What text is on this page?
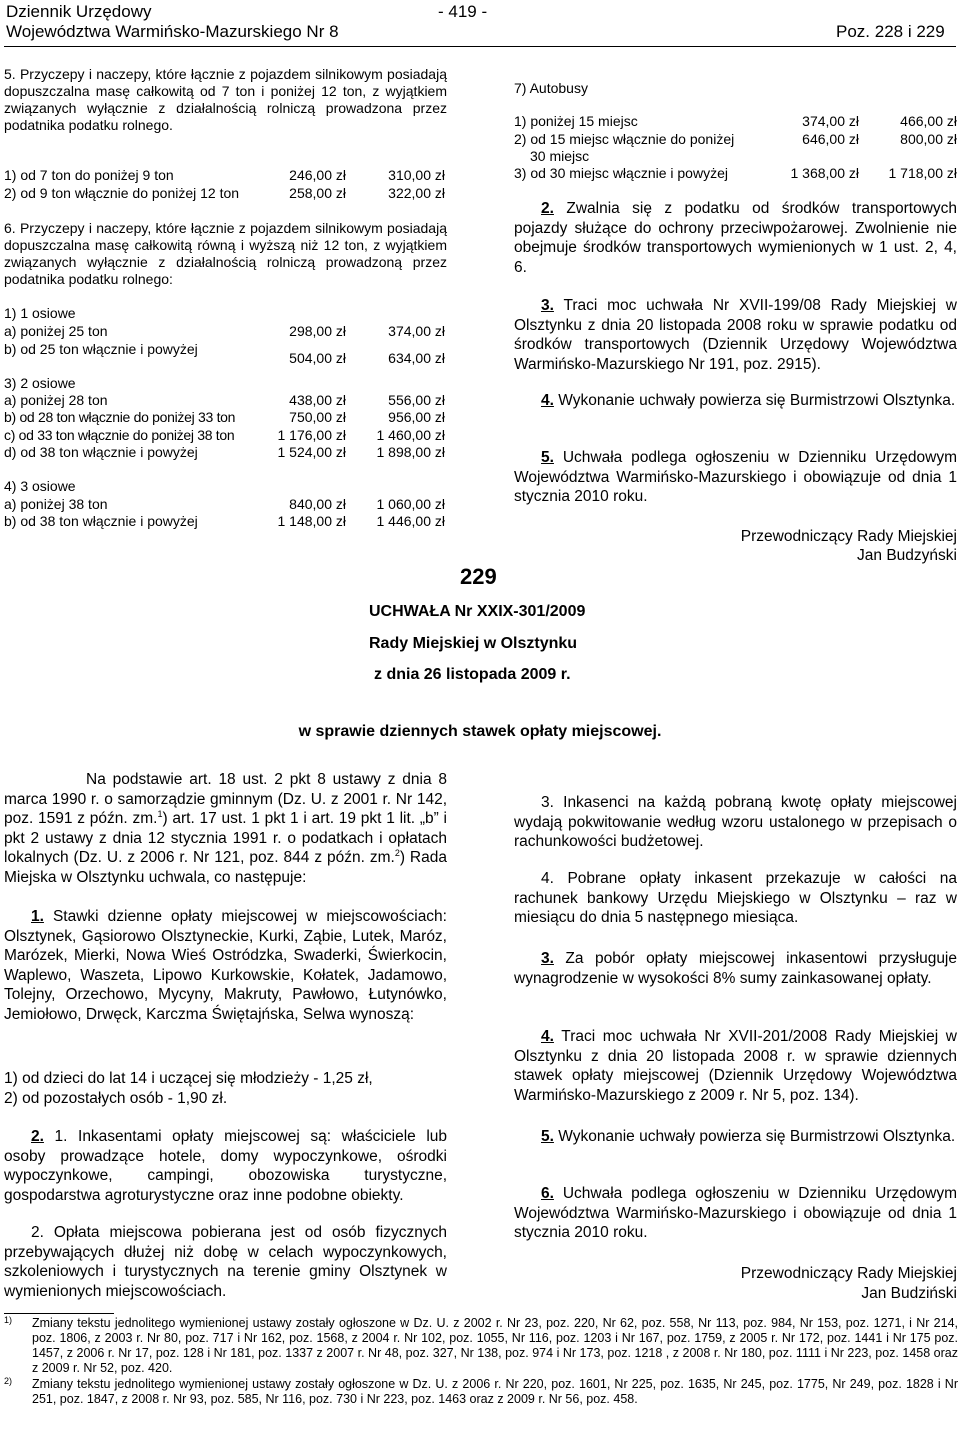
Dziennik Urzędowy
Województwa Warmińsko-Mazurskiego Nr 8
- 419 -
Poz. 228 i 229
5. Przyczepy i naczepy, które łącznie z pojazdem silnikowym posiadają dopuszczalna masę całkowitą od 7 ton i poniżej 12 ton, z wyjątkiem związanych wyłącznie z działalnością rolniczą prowadzona przez podatnika podatku rolnego.
1) od 7 ton do poniżej 9 ton	246,00 zł	310,00 zł
2) od 9 ton włącznie do poniżej 12 ton	258,00 zł	322,00 zł
6. Przyczepy i naczepy, które łącznie z pojazdem silnikowym posiadają dopuszczalna masę całkowitą równą i wyższą niż 12 ton, z wyjątkiem związanych wyłącznie z działalnością rolniczą prowadzoną przez podatnika podatku rolnego:
1) 1 osiowe
a) poniżej 25 ton	298,00 zł	374,00 zł
b) od 25 ton włącznie i powyżej
504,00 zł	634,00 zł
3) 2 osiowe
a) poniżej 28 ton	438,00 zł	556,00 zł
b) od 28 ton włącznie do poniżej 33 ton	750,00 zł	956,00 zł
c) od 33 ton włącznie do poniżej 38 ton	1 176,00 zł 1 460,00 zł
d) od 38 ton włącznie i powyżej	1 524,00 zł 1 898,00 zł
4) 3 osiowe
a) poniżej 38 ton	840,00 zł 1 060,00 zł
b) od 38 ton włącznie i powyżej	1 148,00 zł 1 446,00 zł
7) Autobusy
1) poniżej 15 miejsc	374,00 zł	466,00 zł
2) od 15 miejsc włącznie do poniżej
30 miejsc
646,00 zł	800,00 zł
3) od 30 miejsc włącznie i powyżej	1 368,00 zł 1 718,00 zł
2. Zwalnia się z podatku od środków transportowych pojazdy służące do ochrony przeciwpożarowej. Zwolnienie nie obejmuje środków transportowych wymienionych w 1 ust. 2, 4, 6.
3. Traci moc uchwała Nr XVII-199/08 Rady Miejskiej w Olsztynku z dnia 20 listopada 2008 roku w sprawie podatku od środków transportowych (Dziennik Urzędowy Województwa Warmińsko-Mazurskiego Nr 191, poz. 2915).
4. Wykonanie uchwały powierza się Burmistrzowi Olsztynka.
5. Uchwała podlega ogłoszeniu w Dzienniku Urzędowym Województwa Warmińsko-Mazurskiego i obowiązuje od dnia 1 stycznia 2010 roku.
Przewodniczący Rady Miejskiej
Jan Budzyński
229
UCHWAŁA Nr XXIX-301/2009
Rady Miejskiej w Olsztynku
z dnia 26 listopada 2009 r.
w sprawie dziennych stawek opłaty miejscowej.
Na podstawie art. 18 ust. 2 pkt 8 ustawy z dnia 8 marca 1990 r. o samorządzie gminnym (Dz. U. z 2001 r. Nr 142, poz. 1591 z późn. zm.$^1$) art. 17 ust. 1 pkt 1 i art. 19 pkt 1 lit. „b” i pkt 2 ustawy z dnia 12 stycznia 1991 r. o podatkach i opłatach lokalnych (Dz. U. z 2006 r. Nr 121, poz. 844 z późn. zm.$^2$) Rada Miejska w Olsztynku uchwala, co następuje:
1. Stawki dzienne opłaty miejscowej w miejscowościach: Olsztynek, Gąsiorowo Olsztyneckie, Kurki, Ząbie, Lutek, Maróz, Marózek, Mierki, Nowa Wieś Ostródzka, Swaderki, Świerkocin, Waplewo, Waszeta, Lipowo Kurkowskie, Kołatek, Jadamowo, Tolejny, Orzechowo, Mycyny, Makruty, Pawłowo, Łutynówko, Jemiołowo, Drwęck, Karczma Świętajńska, Selwa wynoszą:
1) od dzieci do lat 14 i uczącej się młodzieży - 1,25 zł,
2) od pozostałych osób - 1,90 zł.
2. 1. Inkasentami opłaty miejscowej są: właściciele lub osoby prowadzące hotele, domy wypoczynkowe, ośrodki wypoczynkowe, campingi, obozowiska turystyczne, gospodarstwa agroturystyczne oraz inne podobne obiekty.
2. Opłata miejscowa pobierana jest od osób fizycznych przebywających dłużej niż dobę w celach wypoczynkowych, szkoleniowych i turystycznych na terenie gminy Olsztynek w wymienionych miejscowościach.
3. Inkasenci na każdą pobraną kwotę opłaty miejscowej wydają pokwitowanie według wzoru ustalonego w przepisach o rachunkowości budżetowej.
4. Pobrane opłaty inkasent przekazuje w całości na rachunek bankowy Urzędu Miejskiego w Olsztynku – raz w miesiącu do dnia 5 następnego miesiąca.
3. Za pobór opłaty miejscowej inkasentowi przysługuje wynagrodzenie w wysokości 8% sumy zainkasowanej opłaty.
4. Traci moc uchwała Nr XVII-201/2008 Rady Miejskiej w Olsztynku z dnia 20 listopada 2008 r. w sprawie dziennych stawek opłaty miejscowej (Dziennik Urzędowy Województwa Warmińsko-Mazurskiego z 2009 r. Nr 5, poz. 134).
5. Wykonanie uchwały powierza się Burmistrzowi Olsztynka.
6. Uchwała podlega ogłoszeniu w Dzienniku Urzędowym Województwa Warmińsko-Mazurskiego i obowiązuje od dnia 1 stycznia 2010 roku.
Przewodniczący Rady Miejskiej
Jan Budziński
1)	Zmiany tekstu jednolitego wymienionej ustawy zostały ogłoszone w Dz. U. z 2002 r. Nr 23, poz. 220, Nr 62, poz. 558, Nr 113, poz. 984, Nr 153, poz. 1271, i Nr 214, poz. 1806, z 2003 r. Nr 80, poz. 717 i Nr 162, poz. 1568, z 2004 r. Nr 102, poz. 1055, Nr 116, poz. 1203 i Nr 167, poz. 1759, z 2005 r. Nr 172, poz. 1441 i Nr 175 poz. 1457, z 2006 r. Nr 17, poz. 128 i Nr 181, poz. 1337 z 2007 r. Nr 48, poz. 327, Nr 138, poz. 974 i Nr 173, poz. 1218 , z 2008 r. Nr 180, poz. 1111 i Nr 223, poz. 1458 oraz z 2009 r. Nr 52, poz. 420.
2)	Zmiany tekstu jednolitego wymienionej ustawy zostały ogłoszone w Dz. U. z 2006 r. Nr 220, poz. 1601, Nr 225, poz. 1635, Nr 245, poz. 1775, Nr 249, poz. 1828 i Nr 251, poz. 1847, z 2008 r. Nr 93, poz. 585, Nr 116, poz. 730 i Nr 223, poz. 1463 oraz z 2009 r. Nr 56, poz. 458.
